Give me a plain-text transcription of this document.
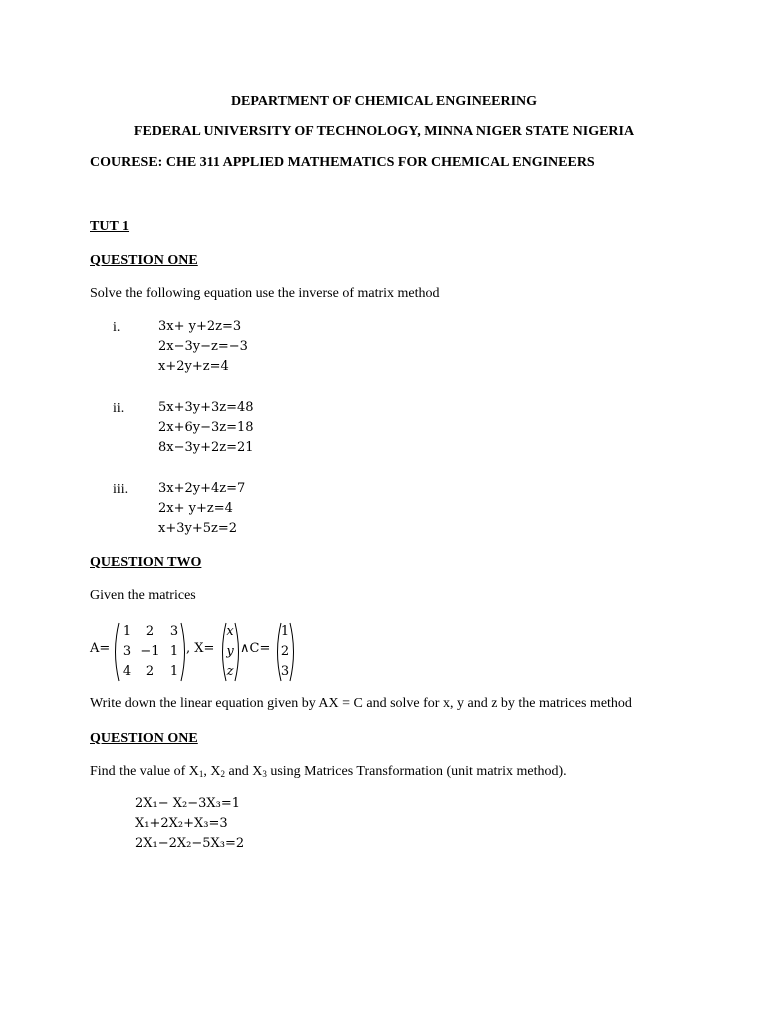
DEPARTMENT OF CHEMICAL ENGINEERING
FEDERAL UNIVERSITY OF TECHNOLOGY, MINNA NIGER STATE NIGERIA
COURESE: CHE 311 APPLIED MATHEMATICS FOR CHEMICAL ENGINEERS
TUT 1
QUESTION ONE
Solve the following equation use the inverse of matrix method
i.	3x+ y+2z=3
2x−3y−z=−3
x+2y+z=4
ii.	5x+3y+3z=48
2x+6y−3z=18
8x−3y+2z=21
iii. 3x+2y+4z=7
2x+ y+z=4
x+3y+5z=2
QUESTION TWO
Given the matrices
A=
1	2	3
3 −1 1
4	2	1
, X=
x
y
z
∧C=
1
2
3
Write down the linear equation given by AX = C and solve for x, y and z by the matrices method
QUESTION ONE
Find the value of $X_1$, $X_2$ and $X_3$ using Matrices Transformation (unit matrix method).
2X₁− X₂−3X₃=1
X₁+2X₂+X₃=3
2X₁−2X₂−5X₃=2
